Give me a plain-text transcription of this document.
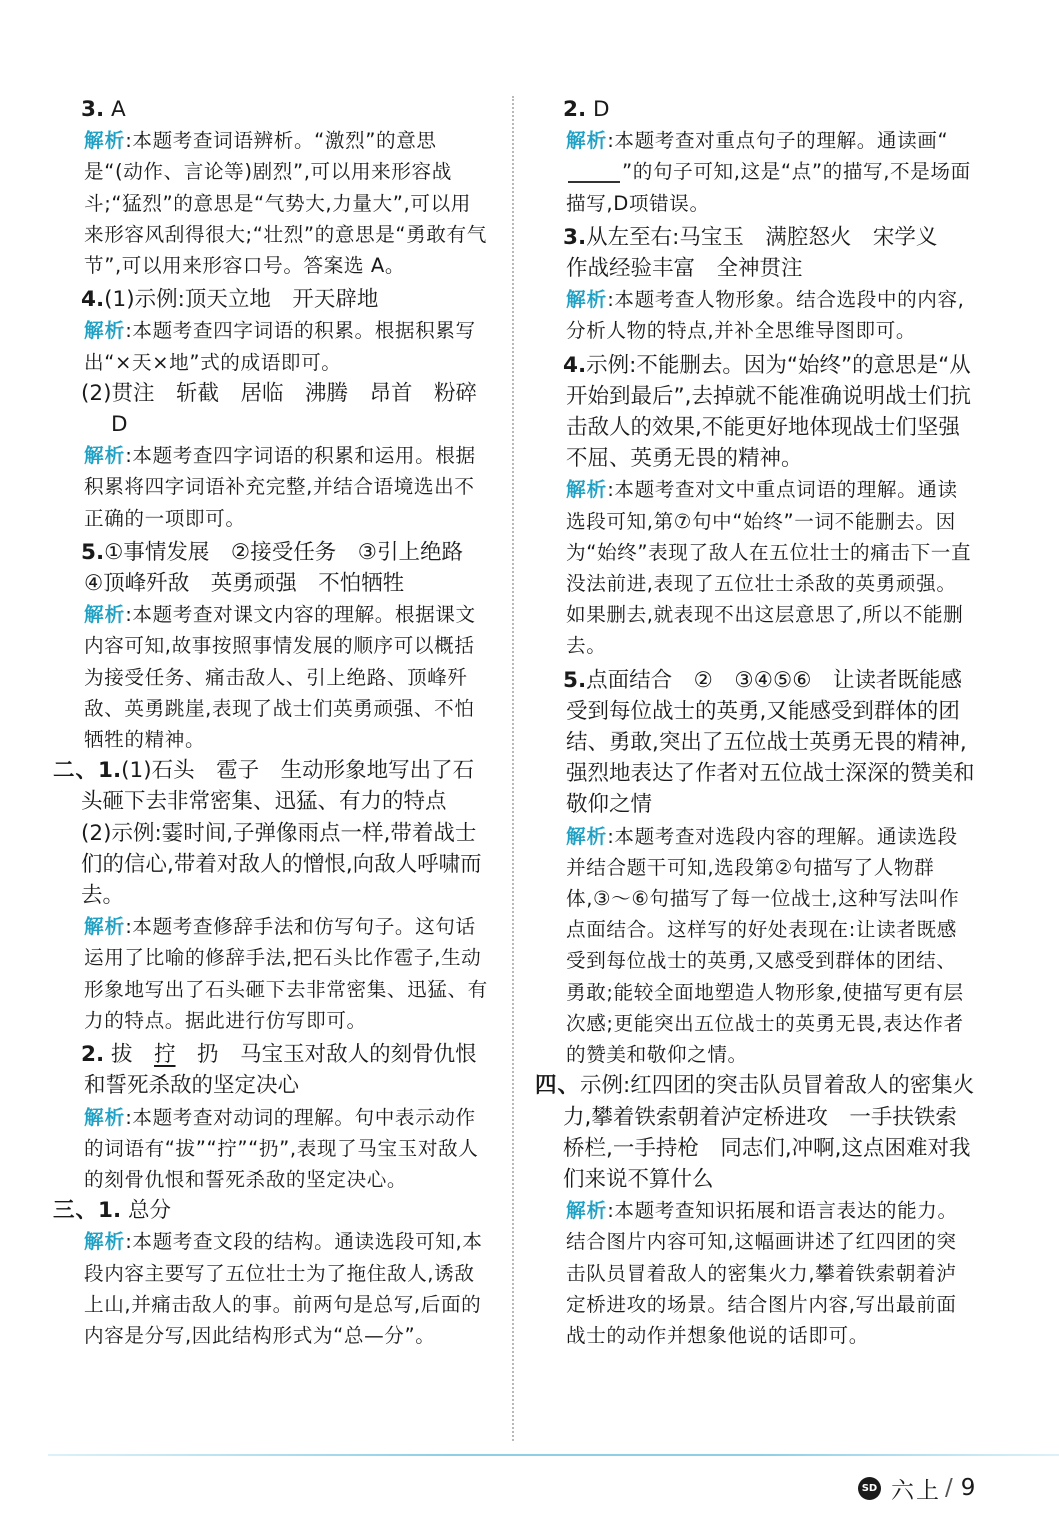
3. A
解析:本题考查词语辨析。“激烈”的意思是“(动作、言论等)剧烈”,可以用来形容战斗;“猛烈”的意思是“气势大,力量大”,可以用来形容风刮得很大;“壮烈”的意思是“勇敢有气节”,可以用来形容口号。答案选 A。
4.(1)示例:顶天立地　开天辟地
解析:本题考查四字词语的积累。根据积累写出“×天×地”式的成语即可。
(2)贯注　斩截　居临　沸腾　昂首　粉碎　D
解析:本题考查四字词语的积累和运用。根据积累将四字词语补充完整,并结合语境选出不正确的一项即可。
5.①事情发展　②接受任务　③引上绝路　④顶峰歼敌　英勇顽强　不怕牺牲
解析:本题考查对课文内容的理解。根据课文内容可知,故事按照事情发展的顺序可以概括为接受任务、痛击敌人、引上绝路、顶峰歼敌、英勇跳崖,表现了战士们英勇顽强、不怕牺牲的精神。
二、1.(1)石头　雹子　生动形象地写出了石头砸下去非常密集、迅猛、有力的特点
(2)示例:霎时间,子弹像雨点一样,带着战士们的信心,带着对敌人的憎恨,向敌人呼啸而去。
解析:本题考查修辞手法和仿写句子。这句话运用了比喻的修辞手法,把石头比作雹子,生动形象地写出了石头砸下去非常密集、迅猛、有力的特点。据此进行仿写即可。
2. 拔　 拧　 扔　马宝玉对敌人的刻骨仇恨和誓死杀敌的坚定决心
解析:本题考查对动词的理解。句中表示动作的词语有“拔”“拧”“扔”,表现了马宝玉对敌人的刻骨仇恨和誓死杀敌的坚定决心。
三、1. 总分
解析:本题考查文段的结构。通读选段可知,本段内容主要写了五位壮士为了拖住敌人,诱敌上山,并痛击敌人的事。前两句是总写,后面的内容是分写,因此结构形式为“总—分”。
2. D
解析:本题考查对重点句子的理解。通读画“”的句子可知,这是“点”的描写,不是场面描写,D项错误。
3.从左至右:马宝玉　满腔怒火　宋学义　作战经验丰富　全神贯注
解析:本题考查人物形象。结合选段中的内容,分析人物的特点,并补全思维导图即可。
4.示例:不能删去。因为“始终”的意思是“从开始到最后”,去掉就不能准确说明战士们抗击敌人的效果,不能更好地体现战士们坚强不屈、英勇无畏的精神。
解析:本题考查对文中重点词语的理解。通读选段可知,第⑦句中“始终”一词不能删去。因为“始终”表现了敌人在五位壮士的痛击下一直没法前进,表现了五位壮士杀敌的英勇顽强。如果删去,就表现不出这层意思了,所以不能删去。
5.点面结合　②　③④⑤⑥　让读者既能感受到每位战士的英勇,又能感受到群体的团结、勇敢,突出了五位战士英勇无畏的精神,强烈地表达了作者对五位战士深深的赞美和敬仰之情
解析:本题考查对选段内容的理解。通读选段并结合题干可知,选段第②句描写了人物群体,③～⑥句描写了每一位战士,这种写法叫作点面结合。这样写的好处表现在:让读者既感受到每位战士的英勇,又感受到群体的团结、勇敢;能较全面地塑造人物形象,使描写更有层次感;更能突出五位战士的英勇无畏,表达作者的赞美和敬仰之情。
四、示例:红四团的突击队员冒着敌人的密集火力,攀着铁索朝着泸定桥进攻　一手扶铁索桥栏,一手持枪　同志们,冲啊,这点困难对我们来说不算什么
解析:本题考查知识拓展和语言表达的能力。结合图片内容可知,这幅画讲述了红四团的突击队员冒着敌人的密集火力,攀着铁索朝着泸定桥进攻的场景。结合图片内容,写出最前面战士的动作并想象他说的话即可。
SD 六上 / 9
